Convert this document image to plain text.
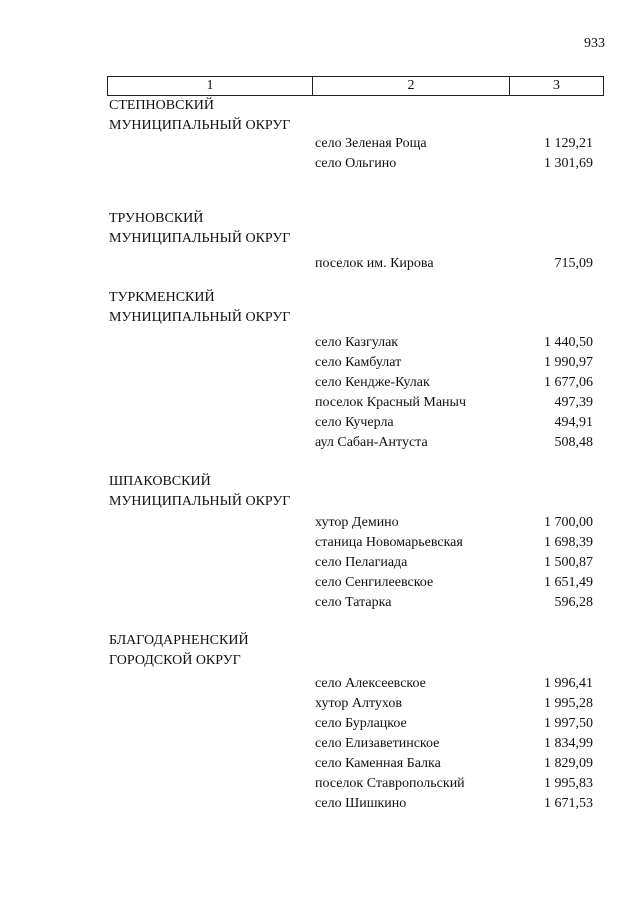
933
1	2	3
СТЕПНОВСКИЙ
МУНИЦИПАЛЬНЫЙ ОКРУГ
село Зеленая Роща	1 129,21
село Ольгино	1 301,69
ТРУНОВСКИЙ
МУНИЦИПАЛЬНЫЙ ОКРУГ
поселок им. Кирова	715,09
ТУРКМЕНСКИЙ
МУНИЦИПАЛЬНЫЙ ОКРУГ
село Казгулак	1 440,50
село Камбулат	1 990,97
село Кендже-Кулак	1 677,06
поселок Красный Маныч	497,39
село Кучерла	494,91
аул Сабан-Антуста	508,48
ШПАКОВСКИЙ
МУНИЦИПАЛЬНЫЙ ОКРУГ
хутор Демино	1 700,00
станица Новомарьевская	1 698,39
село Пелагиада	1 500,87
село Сенгилеевское	1 651,49
село Татарка	596,28
БЛАГОДАРНЕНСКИЙ
ГОРОДСКОЙ ОКРУГ
село Алексеевское	1 996,41
хутор Алтухов	1 995,28
село Бурлацкое	1 997,50
село Елизаветинское	1 834,99
село Каменная Балка	1 829,09
поселок Ставропольский	1 995,83
село Шишкино	1 671,53
